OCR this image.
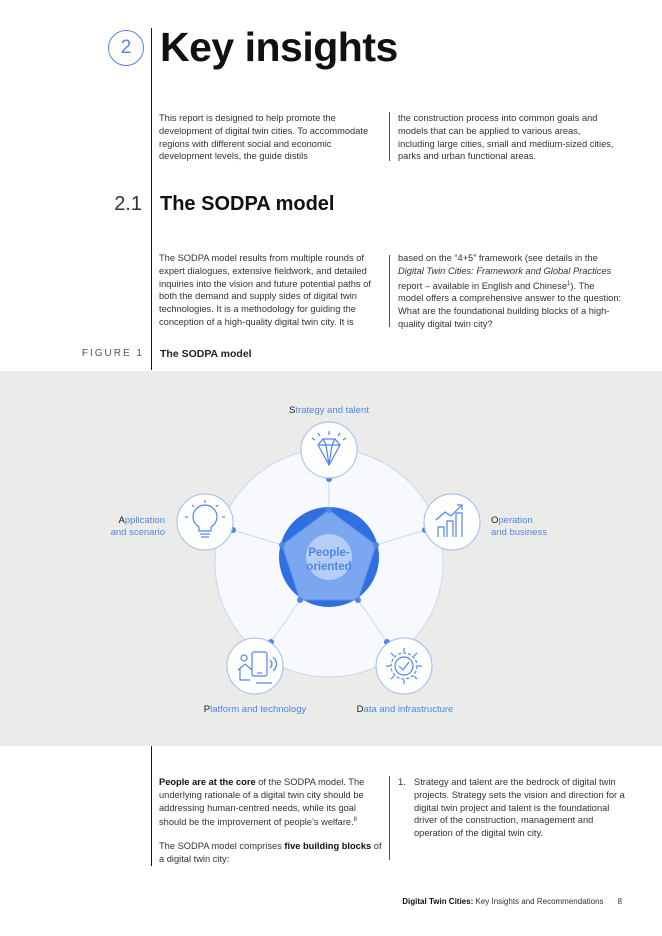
2 Key insights

This report is designed to help promote the development of digital twin cities. To accommodate regions with different social and economic development levels, the guide distils

the construction process into common goals and models that can be applied to various areas, including large cities, small and medium-sized cities, parks and urban functional areas.

2.1 The SODPA model

The SODPA model results from multiple rounds of expert dialogues, extensive fieldwork, and detailed inquiries into the vision and future potential paths of both the demand and supply sides of digital twin technologies. It is a methodology for guiding the conception of a high-quality digital twin city. It is

based on the “4+5” framework (see details in the Digital Twin Cities: Framework and Global Practices report – available in English and Chinese$^1$). The model offers a comprehensive answer to the question: What are the foundational building blocks of a high-quality digital twin city?

FIGURE 1 The SODPA model
People-
oriented
Strategy and talent
Operation
and business
Data and infrastructure
Platform and technology
Application
and scenario

People are at the core of the SODPA model. The underlying rationale of a digital twin city should be addressing human-centred needs, while its goal should be the improvement of people’s welfare.$^8$

The SODPA model comprises five building blocks of a digital twin city:

1. Strategy and talent are the bedrock of digital twin projects. Strategy sets the vision and direction for a digital twin project and talent is the foundational driver of the construction, management and operation of the digital twin city.

Digital Twin Cities: Key Insights and Recommendations 8
